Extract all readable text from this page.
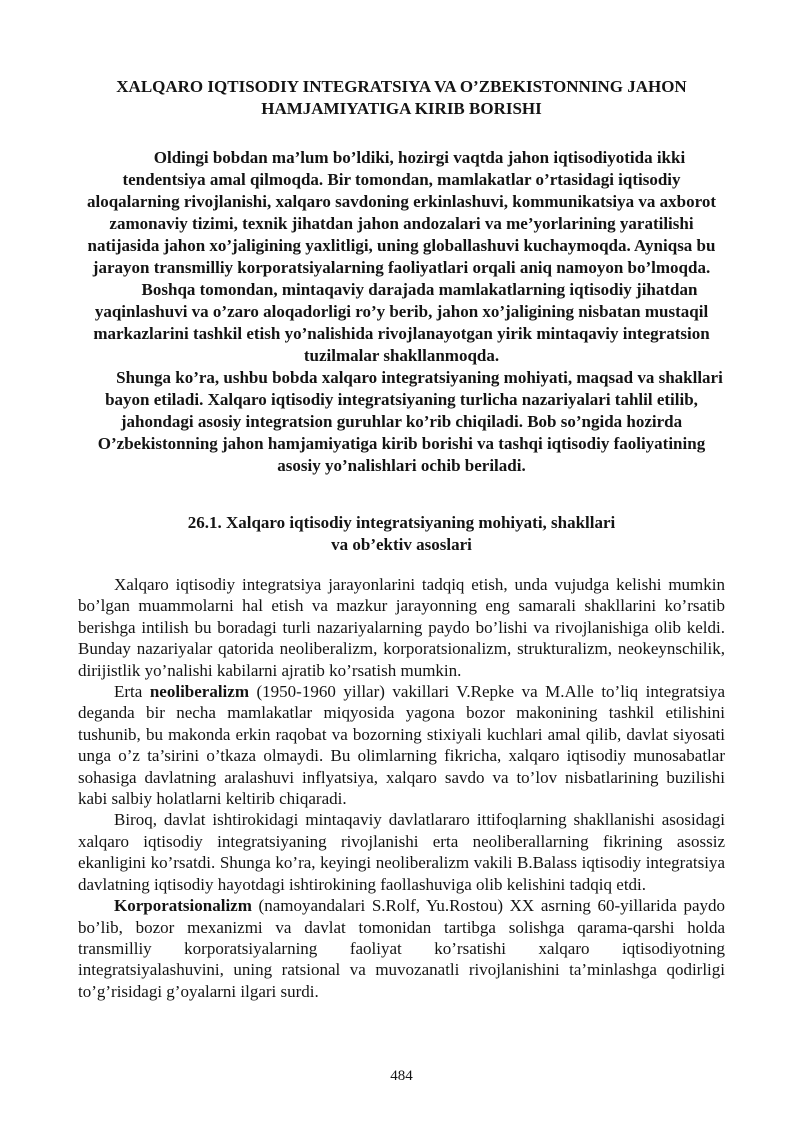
XALQARO IQTISODIY INTEGRATSIYA VA O’ZBEKISTONNING JAHON
HAMJAMIYATIGA KIRIB BORISHI

Oldingi bobdan ma’lum bo’ldiki, hozirgi vaqtda jahon iqtisodiyotida ikki tendentsiya amal qilmoqda. Bir tomondan, mamlakatlar o’rtasidagi iqtisodiy aloqalarning rivojlanishi, xalqaro savdoning erkinlashuvi, kommunikatsiya va axborot zamonaviy tizimi, texnik jihatdan jahon andozalari va me’yorlarining yaratilishi natijasida jahon xo’jaligining yaxlitligi, uning globallashuvi kuchaymoqda. Ayniqsa bu jarayon transmilliy korporatsiyalarning faoliyatlari orqali aniq namoyon bo’lmoqda.

Boshqa tomondan, mintaqaviy darajada mamlakatlarning iqtisodiy jihatdan yaqinlashuvi va o’zaro aloqadorligi ro’y berib, jahon xo’jaligining nisbatan mustaqil markazlarini tashkil etish yo’nalishida rivojlanayotgan yirik mintaqaviy integratsion tuzilmalar shakllanmoqda.

Shunga ko’ra, ushbu bobda xalqaro integratsiyaning mohiyati, maqsad va shakllari bayon etiladi. Xalqaro iqtisodiy integratsiyaning turlicha nazariyalari tahlil etilib, jahondagi asosiy integratsion guruhlar ko’rib chiqiladi. Bob so’ngida hozirda O’zbekistonning jahon hamjamiyatiga kirib borishi va tashqi iqtisodiy faoliyatining asosiy yo’nalishlari ochib beriladi.

26.1. Xalqaro iqtisodiy integratsiyaning mohiyati, shakllari
va ob’ektiv asoslari

Xalqaro iqtisodiy integratsiya jarayonlarini tadqiq etish, unda vujudga kelishi mumkin bo’lgan muammolarni hal etish va mazkur jarayonning eng samarali shakllarini ko’rsatib berishga intilish bu boradagi turli nazariyalarning paydo bo’lishi va rivojlanishiga olib keldi. Bunday nazariyalar qatorida neoliberalizm, korporatsionalizm, strukturalizm, neokeynschilik, dirijistlik yo’nalishi kabilarni ajratib ko’rsatish mumkin.

Erta neoliberalizm (1950-1960 yillar) vakillari V.Repke va M.Alle to’liq integratsiya deganda bir necha mamlakatlar miqyosida yagona bozor makonining tashkil etilishini tushunib, bu makonda erkin raqobat va bozorning stixiyali kuchlari amal qilib, davlat siyosati unga o’z ta’sirini o’tkaza olmaydi. Bu olimlarning fikricha, xalqaro iqtisodiy munosabatlar sohasiga davlatning aralashuvi inflyatsiya, xalqaro savdo va to’lov nisbatlarining buzilishi kabi salbiy holatlarni keltirib chiqaradi.

Biroq, davlat ishtirokidagi mintaqaviy davlatlararo ittifoqlarning shakllanishi asosidagi xalqaro iqtisodiy integratsiyaning rivojlanishi erta neoliberallarning fikrining asossiz ekanligini ko’rsatdi. Shunga ko’ra, keyingi neoliberalizm vakili B.Balass iqtisodiy integratsiya davlatning iqtisodiy hayotdagi ishtirokining faollashuviga olib kelishini tadqiq etdi.

Korporatsionalizm (namoyandalari S.Rolf, Yu.Rostou) XX asrning 60-yillarida paydo bo’lib, bozor mexanizmi va davlat tomonidan tartibga solishga qarama-qarshi holda transmilliy korporatsiyalarning faoliyat ko’rsatishi xalqaro iqtisodiyotning integratsiyalashuvini, uning ratsional va muvozanatli rivojlanishini ta’minlashga qodirligi to’g’risidagi g’oyalarni ilgari surdi.

484
